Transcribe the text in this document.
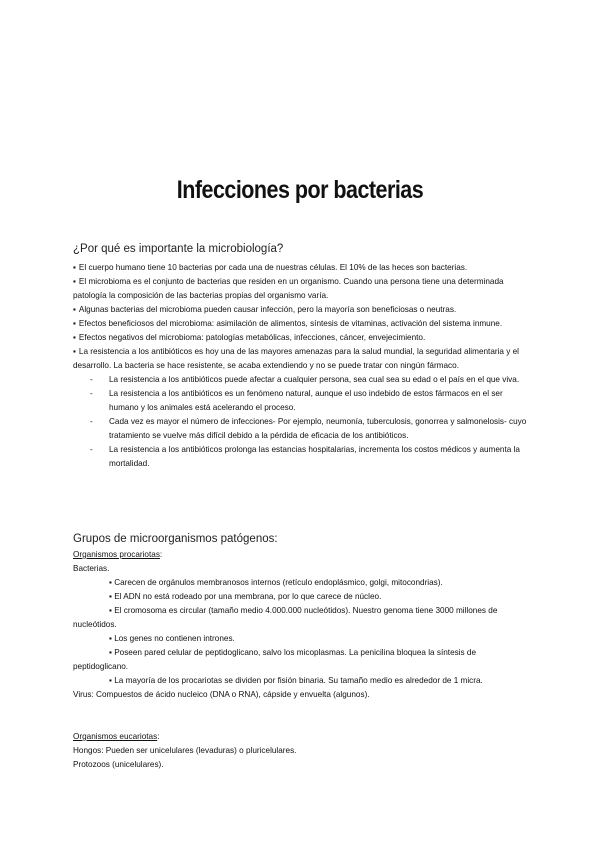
Infecciones por bacterias
¿Por qué es importante la microbiología?

▪ El cuerpo humano tiene 10 bacterias por cada una de nuestras células. El 10% de las heces son bacterias.

▪ El microbioma es el conjunto de bacterias que residen en un organismo. Cuando una persona tiene una determinada patología la composición de las bacterias propias del organismo varía.

▪ Algunas bacterias del microbioma pueden causar infección, pero la mayoría son beneficiosas o neutras.

▪ Efectos beneficiosos del microbioma: asimilación de alimentos, síntesis de vitaminas, activación del sistema inmune.

▪ Efectos negativos del microbioma: patologías metabólicas, infecciones, cáncer, envejecimiento.

▪ La resistencia a los antibióticos es hoy una de las mayores amenazas para la salud mundial, la seguridad alimentaria y el desarrollo. La bacteria se hace resistente, se acaba extendiendo y no se puede tratar con ningún fármaco.

- La resistencia a los antibióticos puede afectar a cualquier persona, sea cual sea su edad o el país en el que viva.
- La resistencia a los antibióticos es un fenómeno natural, aunque el uso indebido de estos fármacos en el ser humano y los animales está acelerando el proceso.
- Cada vez es mayor el número de infecciones- Por ejemplo, neumonía, tuberculosis, gonorrea y salmonelosis- cuyo tratamiento se vuelve más difícil debido a la pérdida de eficacia de los antibióticos.
- La resistencia a los antibióticos prolonga las estancias hospitalarias, incrementa los costos médicos y aumenta la mortalidad.
Grupos de microorganismos patógenos:

Organismos procariotas:

Bacterias.

▪ Carecen de orgánulos membranosos internos (retículo endoplásmico, golgi, mitocondrias).

▪ El ADN no está rodeado por una membrana, por lo que carece de núcleo.

▪ El cromosoma es circular (tamaño medio 4.000.000 nucleótidos). Nuestro genoma tiene 3000 millones de nucleótidos.

▪ Los genes no contienen intrones.

▪ Poseen pared celular de peptidoglicano, salvo los micoplasmas. La penicilina bloquea la síntesis de peptidoglicano.

▪ La mayoría de los procariotas se dividen por fisión binaria. Su tamaño medio es alrededor de 1 micra.

Virus: Compuestos de ácido nucleico (DNA o RNA), cápside y envuelta (algunos).

Organismos eucariotas:

Hongos: Pueden ser unicelulares (levaduras) o pluricelulares.

Protozoos (unicelulares).
